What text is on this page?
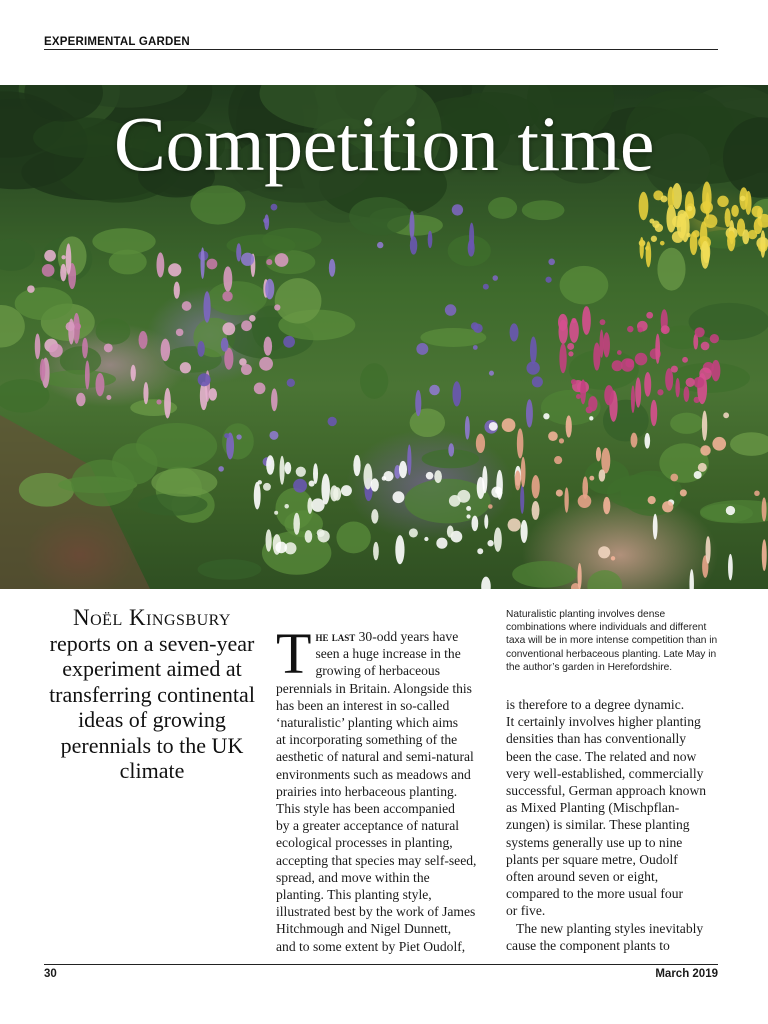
EXPERIMENTAL GARDEN
Competition time
Noël Kingsbury
reports on a seven-year experiment aimed at transferring continental ideas of growing perennials to the UK climate
T he last 30-odd years have
seen a huge increase in the
growing of herbaceous
perennials in Britain. Alongside this
has been an interest in so-called
‘naturalistic’ planting which aims
at incorporating something of the
aesthetic of natural and semi-natural
environments such as meadows and
prairies into herbaceous planting.
This style has been accompanied
by a greater acceptance of natural
ecological processes in planting,
accepting that species may self-seed,
spread, and move within the
planting. This planting style,
illustrated best by the work of James
Hitchmough and Nigel Dunnett,
and to some extent by Piet Oudolf,
Naturalistic planting involves dense combinations where individuals and different taxa will be in more intense competition than in conventional herbaceous planting. Late May in the author’s garden in Herefordshire.
is therefore to a degree dynamic.
It certainly involves higher planting
densities than has conventionally
been the case. The related and now
very well-established, commercially
successful, German approach known
as Mixed Planting (Mischpflan-
zungen) is similar. These planting
systems generally use up to nine
plants per square metre, Oudolf
often around seven or eight,
compared to the more usual four
or five.
The new planting styles inevitably
cause the component plants to
30	March 2019
